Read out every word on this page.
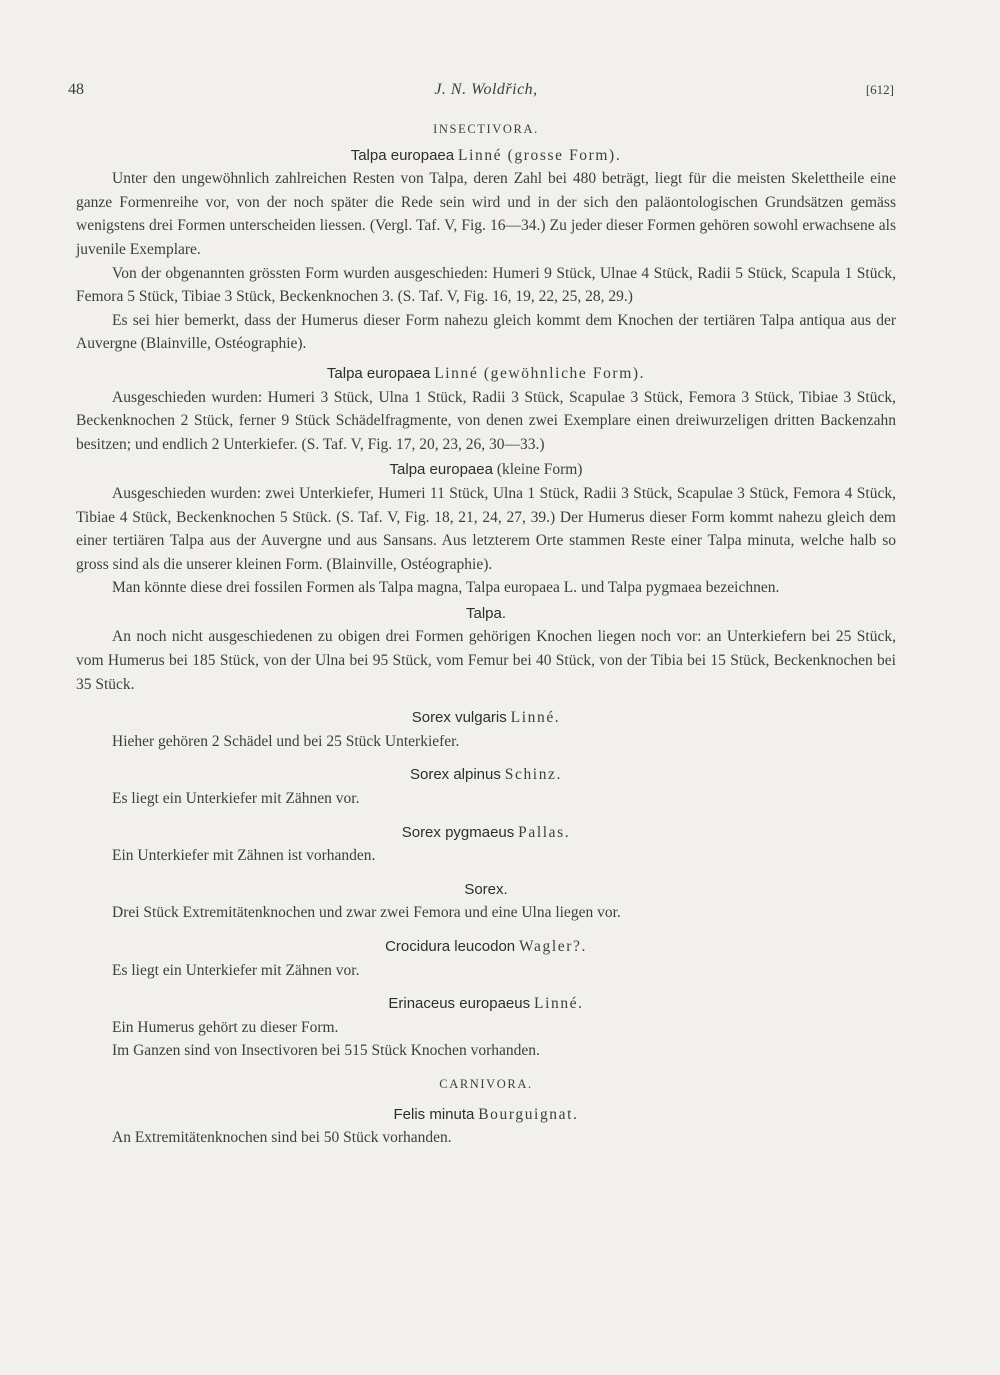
48	J. N. Woldřich,	[612]
INSECTIVORA.
Talpa europaea Linné (grosse Form).

Unter den ungewöhnlich zahlreichen Resten von Talpa, deren Zahl bei 480 beträgt, liegt für die meisten Skelettheile eine ganze Formenreihe vor, von der noch später die Rede sein wird und in der sich den paläontologischen Grundsätzen gemäss wenigstens drei Formen unterscheiden liessen. (Vergl. Taf. V, Fig. 16—34.) Zu jeder dieser Formen gehören sowohl erwachsene als juvenile Exemplare.

Von der obgenannten grössten Form wurden ausgeschieden: Humeri 9 Stück, Ulnae 4 Stück, Radii 5 Stück, Scapula 1 Stück, Femora 5 Stück, Tibiae 3 Stück, Beckenknochen 3. (S. Taf. V, Fig. 16, 19, 22, 25, 28, 29.)

Es sei hier bemerkt, dass der Humerus dieser Form nahezu gleich kommt dem Knochen der tertiären Talpa antiqua aus der Auvergne (Blainville, Ostéographie).

Talpa europaea Linné (gewöhnliche Form).

Ausgeschieden wurden: Humeri 3 Stück, Ulna 1 Stück, Radii 3 Stück, Scapulae 3 Stück, Femora 3 Stück, Tibiae 3 Stück, Beckenknochen 2 Stück, ferner 9 Stück Schädelfragmente, von denen zwei Exemplare einen dreiwurzeligen dritten Backenzahn besitzen; und endlich 2 Unterkiefer. (S. Taf. V, Fig. 17, 20, 23, 26, 30—33.)

Talpa europaea (kleine Form)

Ausgeschieden wurden: zwei Unterkiefer, Humeri 11 Stück, Ulna 1 Stück, Radii 3 Stück, Scapulae 3 Stück, Femora 4 Stück, Tibiae 4 Stück, Beckenknochen 5 Stück. (S. Taf. V, Fig. 18, 21, 24, 27, 39.) Der Humerus dieser Form kommt nahezu gleich dem einer tertiären Talpa aus der Auvergne und aus Sansans. Aus letzterem Orte stammen Reste einer Talpa minuta, welche halb so gross sind als die unserer kleinen Form. (Blainville, Ostéographie).

Man könnte diese drei fossilen Formen als Talpa magna, Talpa europaea L. und Talpa pygmaea bezeichnen.

Talpa.

An noch nicht ausgeschiedenen zu obigen drei Formen gehörigen Knochen liegen noch vor: an Unterkiefern bei 25 Stück, vom Humerus bei 185 Stück, von der Ulna bei 95 Stück, vom Femur bei 40 Stück, von der Tibia bei 15 Stück, Beckenknochen bei 35 Stück.

Sorex vulgaris Linné.

Hieher gehören 2 Schädel und bei 25 Stück Unterkiefer.

Sorex alpinus Schinz.

Es liegt ein Unterkiefer mit Zähnen vor.

Sorex pygmaeus Pallas.

Ein Unterkiefer mit Zähnen ist vorhanden.

Sorex.

Drei Stück Extremitätenknochen und zwar zwei Femora und eine Ulna liegen vor.

Crocidura leucodon Wagler?.

Es liegt ein Unterkiefer mit Zähnen vor.

Erinaceus europaeus Linné.

Ein Humerus gehört zu dieser Form.

Im Ganzen sind von Insectivoren bei 515 Stück Knochen vorhanden.

CARNIVORA.
Felis minuta Bourguignat.

An Extremitätenknochen sind bei 50 Stück vorhanden.
